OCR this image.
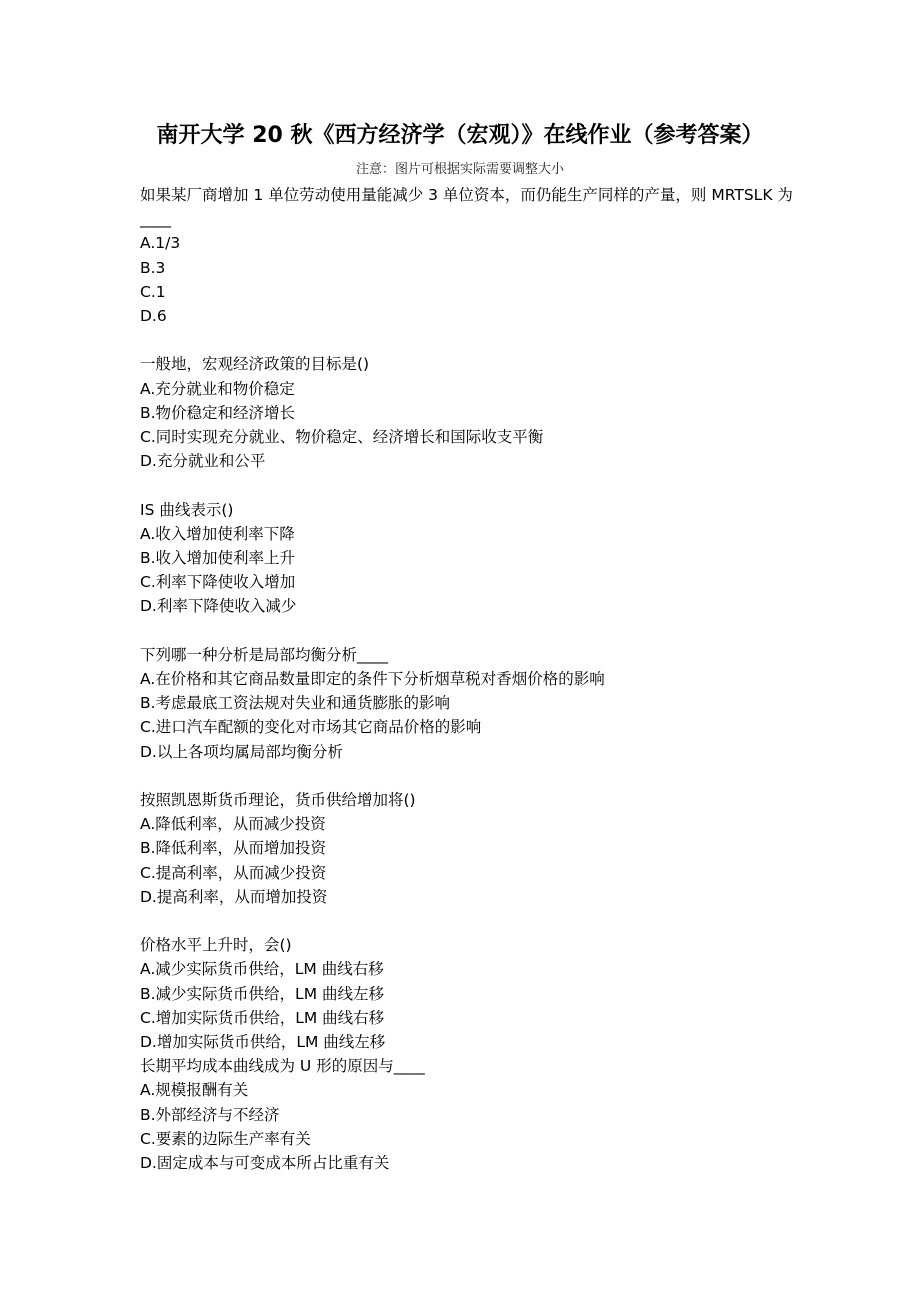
南开大学 20 秋《西方经济学（宏观）》在线作业（参考答案）
注意：图片可根据实际需要调整大小
如果某厂商增加 1 单位劳动使用量能减少 3 单位资本，而仍能生产同样的产量，则 MRTSLK 为____
A.1/3
B.3
C.1
D.6
一般地，宏观经济政策的目标是()
A.充分就业和物价稳定
B.物价稳定和经济增长
C.同时实现充分就业、物价稳定、经济增长和国际收支平衡
D.充分就业和公平
IS 曲线表示()
A.收入增加使利率下降
B.收入增加使利率上升
C.利率下降使收入增加
D.利率下降使收入减少
下列哪一种分析是局部均衡分析____
A.在价格和其它商品数量即定的条件下分析烟草税对香烟价格的影响
B.考虑最底工资法规对失业和通货膨胀的影响
C.进口汽车配额的变化对市场其它商品价格的影响
D.以上各项均属局部均衡分析
按照凯恩斯货币理论，货币供给增加将()
A.降低利率，从而减少投资
B.降低利率，从而增加投资
C.提高利率，从而减少投资
D.提高利率，从而增加投资
价格水平上升时，会()
A.减少实际货币供给，LM 曲线右移
B.减少实际货币供给，LM 曲线左移
C.增加实际货币供给，LM 曲线右移
D.增加实际货币供给，LM 曲线左移
长期平均成本曲线成为 U 形的原因与____
A.规模报酬有关
B.外部经济与不经济
C.要素的边际生产率有关
D.固定成本与可变成本所占比重有关
